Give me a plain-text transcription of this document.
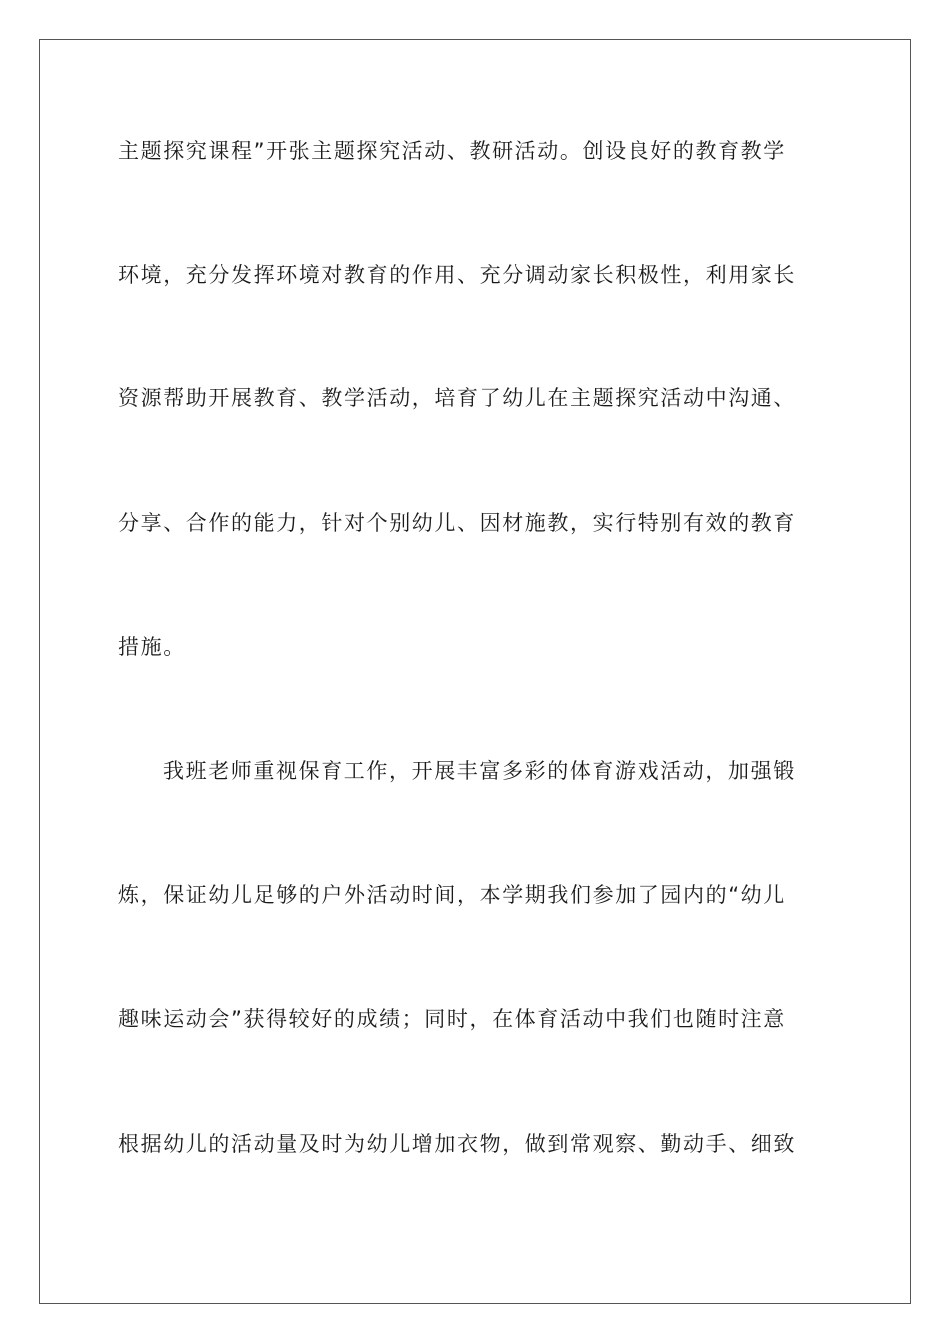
主题探究课程”开张主题探究活动、教研活动。创设良好的教育教学
环境，充分发挥环境对教育的作用、充分调动家长积极性，利用家长
资源帮助开展教育、教学活动，培育了幼儿在主题探究活动中沟通、
分享、合作的能力，针对个别幼儿、因材施教，实行特别有效的教育
措施。
我班老师重视保育工作，开展丰富多彩的体育游戏活动，加强锻
炼，保证幼儿足够的户外活动时间，本学期我们参加了园内的“幼儿
趣味运动会”获得较好的成绩；同时，在体育活动中我们也随时注意
根据幼儿的活动量及时为幼儿增加衣物，做到常观察、勤动手、细致
